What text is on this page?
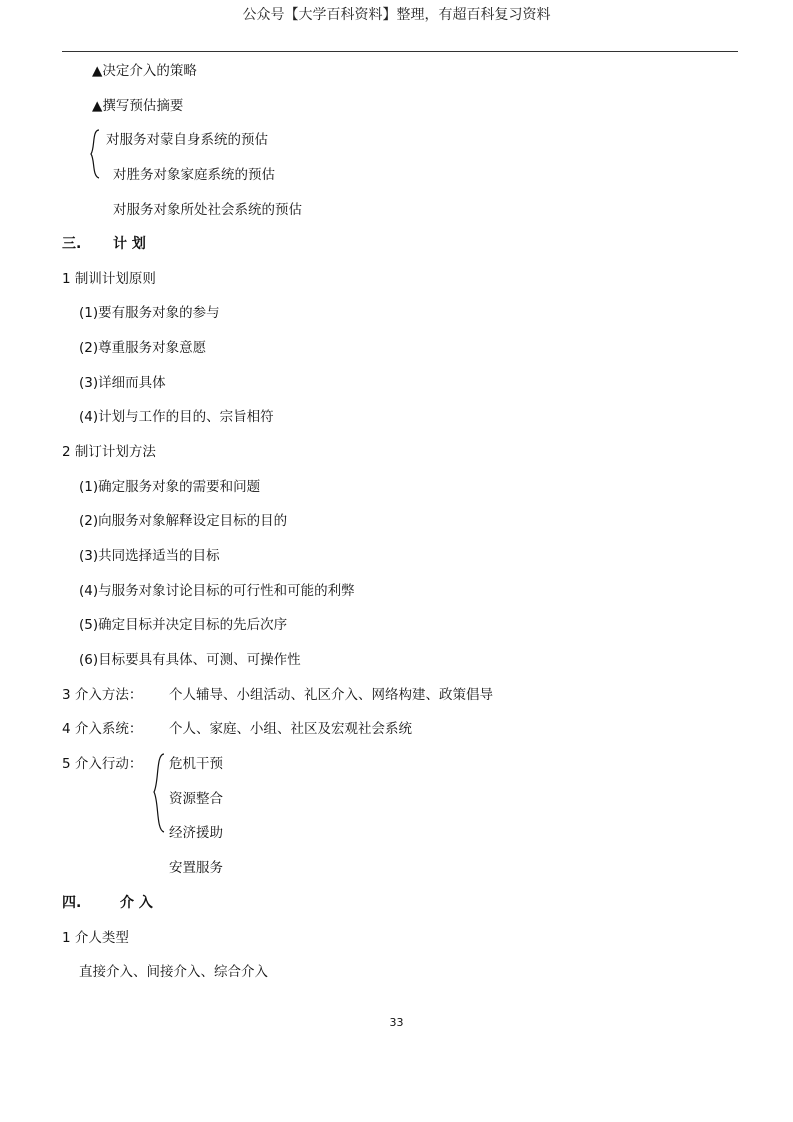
公众号【大学百科资料】整理，有超百科复习资料
▲决定介入的策略
▲撰写预估摘要
对服务对蒙自身系统的预估
对胜务对象家庭系统的预估
对服务对象所处社会系统的预估
三. 计 划
1 制训计划原则
(1)要有服务对象的参与
(2)尊重服务对象意愿
(3)详细而具体
(4)计划与工作的目的、宗旨相符
2 制订计划方法
(1)确定服务对象的需要和问题
(2)向服务对象解释设定目标的目的
(3)共同选择适当的目标
(4)与服务对象讨论目标的可行性和可能的利弊
(5)确定目标并决定目标的先后次序
(6)目标要具有具体、可测、可操作性
3 介入方法： 个人辅导、小组活动、礼区介入、网络构建、政策倡导
4 介入系统： 个人、家庭、小组、社区及宏观社会系统
5 介入行动： 危机干预
资源整合
经济援助
安置服务
四.	介 入
1 介人类型
直接介入、间接介入、综合介入
33
